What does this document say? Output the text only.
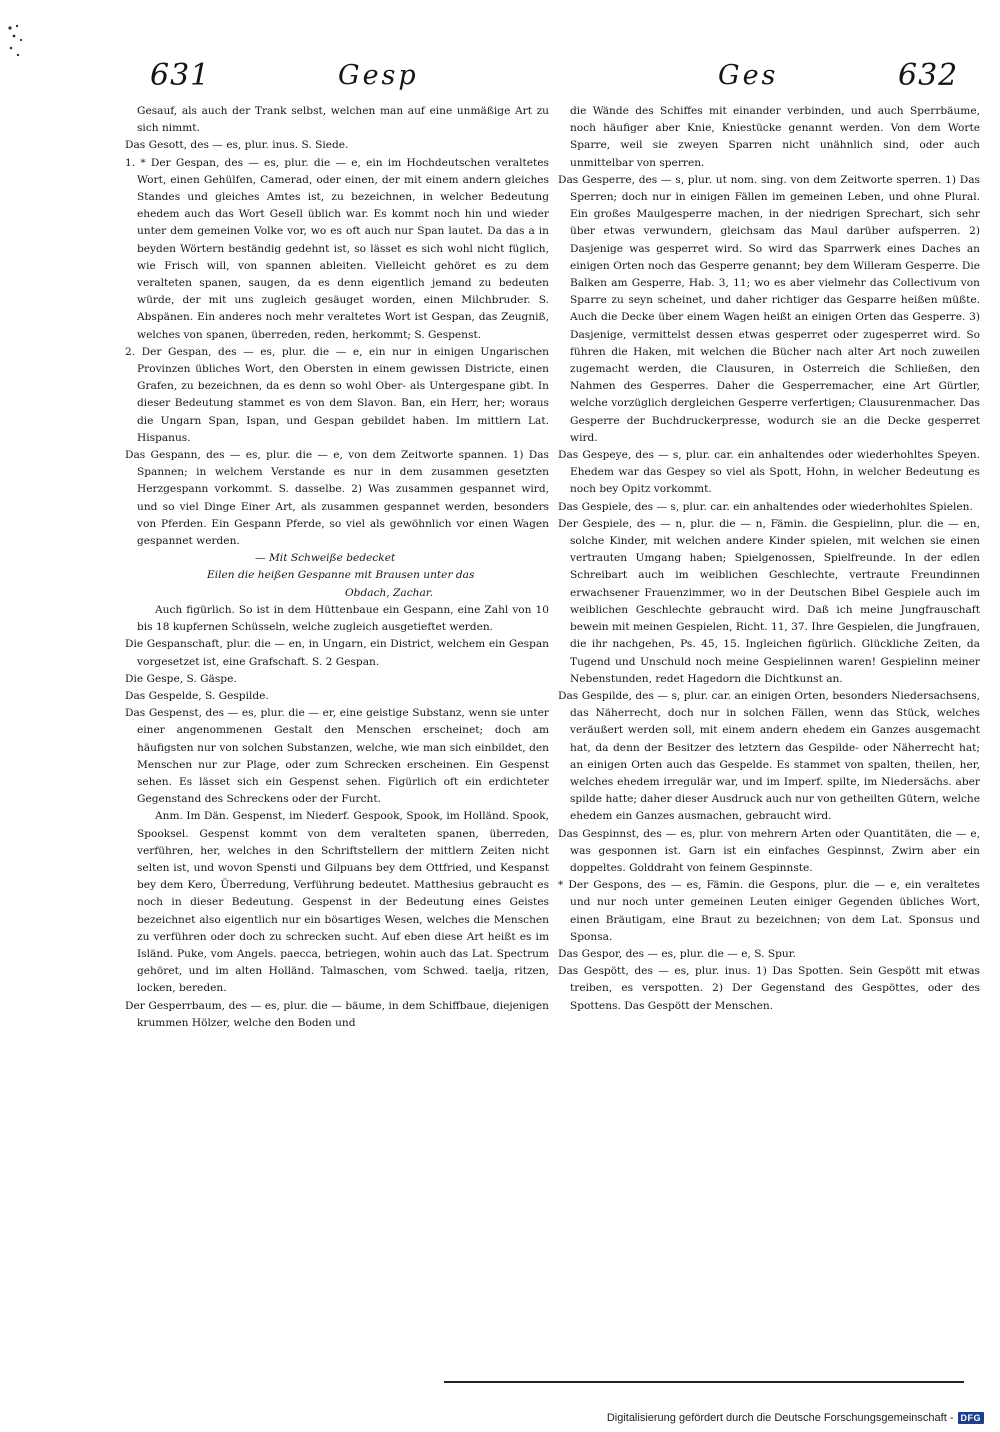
631	Gesp	Ges	632

Gesauf, als auch der Trank selbst, welchen man auf eine unmäßige Art zu sich nimmt.

Das Gesott, des — es, plur. inus. S. Siede.

1. * Der Gespan, des — es, plur. die — e, ein im Hochdeutschen veraltetes Wort, einen Gehülfen, Camerad, oder einen, der mit einem andern gleiches Standes und gleiches Amtes ist, zu bezeichnen, in welcher Bedeutung ehedem auch das Wort Gesell üblich war. Es kommt noch hin und wieder unter dem gemeinen Volke vor, wo es oft auch nur Span lautet. Da das a in beyden Wörtern beständig gedehnt ist, so lässet es sich wohl nicht füglich, wie Frisch will, von spannen ableiten. Vielleicht gehöret es zu dem veralteten spanen, saugen, da es denn eigentlich jemand zu bedeuten würde, der mit uns zugleich gesäuget worden, einen Milchbruder. S. Abspänen. Ein anderes noch mehr veraltetes Wort ist Gespan, das Zeugniß, welches von spanen, überreden, reden, herkommt; S. Gespenst.

2. Der Gespan, des — es, plur. die — e, ein nur in einigen Ungarischen Provinzen übliches Wort, den Obersten in einem gewissen Districte, einen Grafen, zu bezeichnen, da es denn so wohl Ober- als Untergespane gibt. In dieser Bedeutung stammet es von dem Slavon. Ban, ein Herr, her; woraus die Ungarn Span, Ispan, und Gespan gebildet haben. Im mittlern Lat. Hispanus.

Das Gespann, des — es, plur. die — e, von dem Zeitworte spannen. 1) Das Spannen; in welchem Verstande es nur in dem zusammen gesetzten Herzgespann vorkommt. S. dasselbe. 2) Was zusammen gespannet wird, und so viel Dinge Einer Art, als zusammen gespannet werden, besonders von Pferden. Ein Gespann Pferde, so viel als gewöhnlich vor einen Wagen gespannet werden.

— Mit Schweiße bedecket

Eilen die heißen Gespanne mit Brausen unter das

Obdach, Zachar.

Auch figürlich. So ist in dem Hüttenbaue ein Gespann, eine Zahl von 10 bis 18 kupfernen Schüsseln, welche zugleich ausgetieftet werden.

Die Gespanschaft, plur. die — en, in Ungarn, ein District, welchem ein Gespan vorgesetzet ist, eine Grafschaft. S. 2 Gespan.

Die Gespe, S. Gäspe.

Das Gespelde, S. Gespilde.

Das Gespenst, des — es, plur. die — er, eine geistige Substanz, wenn sie unter einer angenommenen Gestalt den Menschen erscheinet; doch am häufigsten nur von solchen Substanzen, welche, wie man sich einbildet, den Menschen nur zur Plage, oder zum Schrecken erscheinen. Ein Gespenst sehen. Es lässet sich ein Gespenst sehen. Figürlich oft ein erdichteter Gegenstand des Schreckens oder der Furcht.

Anm. Im Dän. Gespenst, im Niederf. Gespook, Spook, im Holländ. Spook, Spooksel. Gespenst kommt von dem veralteten spanen, überreden, verführen, her, welches in den Schriftstellern der mittlern Zeiten nicht selten ist, und wovon Spensti und Gilpuans bey dem Ottfried, und Kespanst bey dem Kero, Überredung, Verführung bedeutet. Matthesius gebraucht es noch in dieser Bedeutung. Gespenst in der Bedeutung eines Geistes bezeichnet also eigentlich nur ein bösartiges Wesen, welches die Menschen zu verführen oder doch zu schrecken sucht. Auf eben diese Art heißt es im Isländ. Puke, vom Angels. paecca, betriegen, wohin auch das Lat. Spectrum gehöret, und im alten Holländ. Talmaschen, vom Schwed. taelja, ritzen, locken, bereden.

Der Gesperrbaum, des — es, plur. die — bäume, in dem Schiffbaue, diejenigen krummen Hölzer, welche den Boden und

die Wände des Schiffes mit einander verbinden, und auch Sperrbäume, noch häufiger aber Knie, Kniestücke genannt werden. Von dem Worte Sparre, weil sie zweyen Sparren nicht unähnlich sind, oder auch unmittelbar von sperren.

Das Gesperre, des — s, plur. ut nom. sing. von dem Zeitworte sperren. 1) Das Sperren; doch nur in einigen Fällen im gemeinen Leben, und ohne Plural. Ein großes Maulgesperre machen, in der niedrigen Sprechart, sich sehr über etwas verwundern, gleichsam das Maul darüber aufsperren. 2) Dasjenige was gesperret wird. So wird das Sparrwerk eines Daches an einigen Orten noch das Gesperre genannt; bey dem Willeram Gesperre. Die Balken am Gesperre, Hab. 3, 11; wo es aber vielmehr das Collectivum von Sparre zu seyn scheinet, und daher richtiger das Gesparre heißen müßte. Auch die Decke über einem Wagen heißt an einigen Orten das Gesperre. 3) Dasjenige, vermittelst dessen etwas gesperret oder zugesperret wird. So führen die Haken, mit welchen die Bücher nach alter Art noch zuweilen zugemacht werden, die Clausuren, in Osterreich die Schließen, den Nahmen des Gesperres. Daher die Gesperremacher, eine Art Gürtler, welche vorzüglich dergleichen Gesperre verfertigen; Clausurenmacher. Das Gesperre der Buchdruckerpresse, wodurch sie an die Decke gesperret wird.

Das Gespeye, des — s, plur. car. ein anhaltendes oder wiederhohltes Speyen. Ehedem war das Gespey so viel als Spott, Hohn, in welcher Bedeutung es noch bey Opitz vorkommt.

Das Gespiele, des — s, plur. car. ein anhaltendes oder wiederhohltes Spielen.

Der Gespiele, des — n, plur. die — n, Fämin. die Gespielinn, plur. die — en, solche Kinder, mit welchen andere Kinder spielen, mit welchen sie einen vertrauten Umgang haben; Spielgenossen, Spielfreunde. In der edlen Schreibart auch im weiblichen Geschlechte, vertraute Freundinnen erwachsener Frauenzimmer, wo in der Deutschen Bibel Gespiele auch im weiblichen Geschlechte gebraucht wird. Daß ich meine Jungfrauschaft bewein mit meinen Gespielen, Richt. 11, 37. Ihre Gespielen, die Jungfrauen, die ihr nachgehen, Ps. 45, 15. Ingleichen figürlich. Glückliche Zeiten, da Tugend und Unschuld noch meine Gespielinnen waren! Gespielinn meiner Nebenstunden, redet Hagedorn die Dichtkunst an.

Das Gespilde, des — s, plur. car. an einigen Orten, besonders Niedersachsens, das Näherrecht, doch nur in solchen Fällen, wenn das Stück, welches veräußert werden soll, mit einem andern ehedem ein Ganzes ausgemacht hat, da denn der Besitzer des letztern das Gespilde- oder Näherrecht hat; an einigen Orten auch das Gespelde. Es stammet von spalten, theilen, her, welches ehedem irregulär war, und im Imperf. spilte, im Niedersächs. aber spilde hatte; daher dieser Ausdruck auch nur von getheilten Gütern, welche ehedem ein Ganzes ausmachen, gebraucht wird.

Das Gespinnst, des — es, plur. von mehrern Arten oder Quantitäten, die — e, was gesponnen ist. Garn ist ein einfaches Gespinnst, Zwirn aber ein doppeltes. Golddraht von feinem Gespinnste.

* Der Gespons, des — es, Fämin. die Gespons, plur. die — e, ein veraltetes und nur noch unter gemeinen Leuten einiger Gegenden übliches Wort, einen Bräutigam, eine Braut zu bezeichnen; von dem Lat. Sponsus und Sponsa.

Das Gespor, des — es, plur. die — e, S. Spur.

Das Gespött, des — es, plur. inus. 1) Das Spotten. Sein Gespött mit etwas treiben, es verspotten. 2) Der Gegenstand des Gespöttes, oder des Spottens. Das Gespött der Menschen.

Digitalisierung gefördert durch die Deutsche Forschungsgemeinschaft - DFG
